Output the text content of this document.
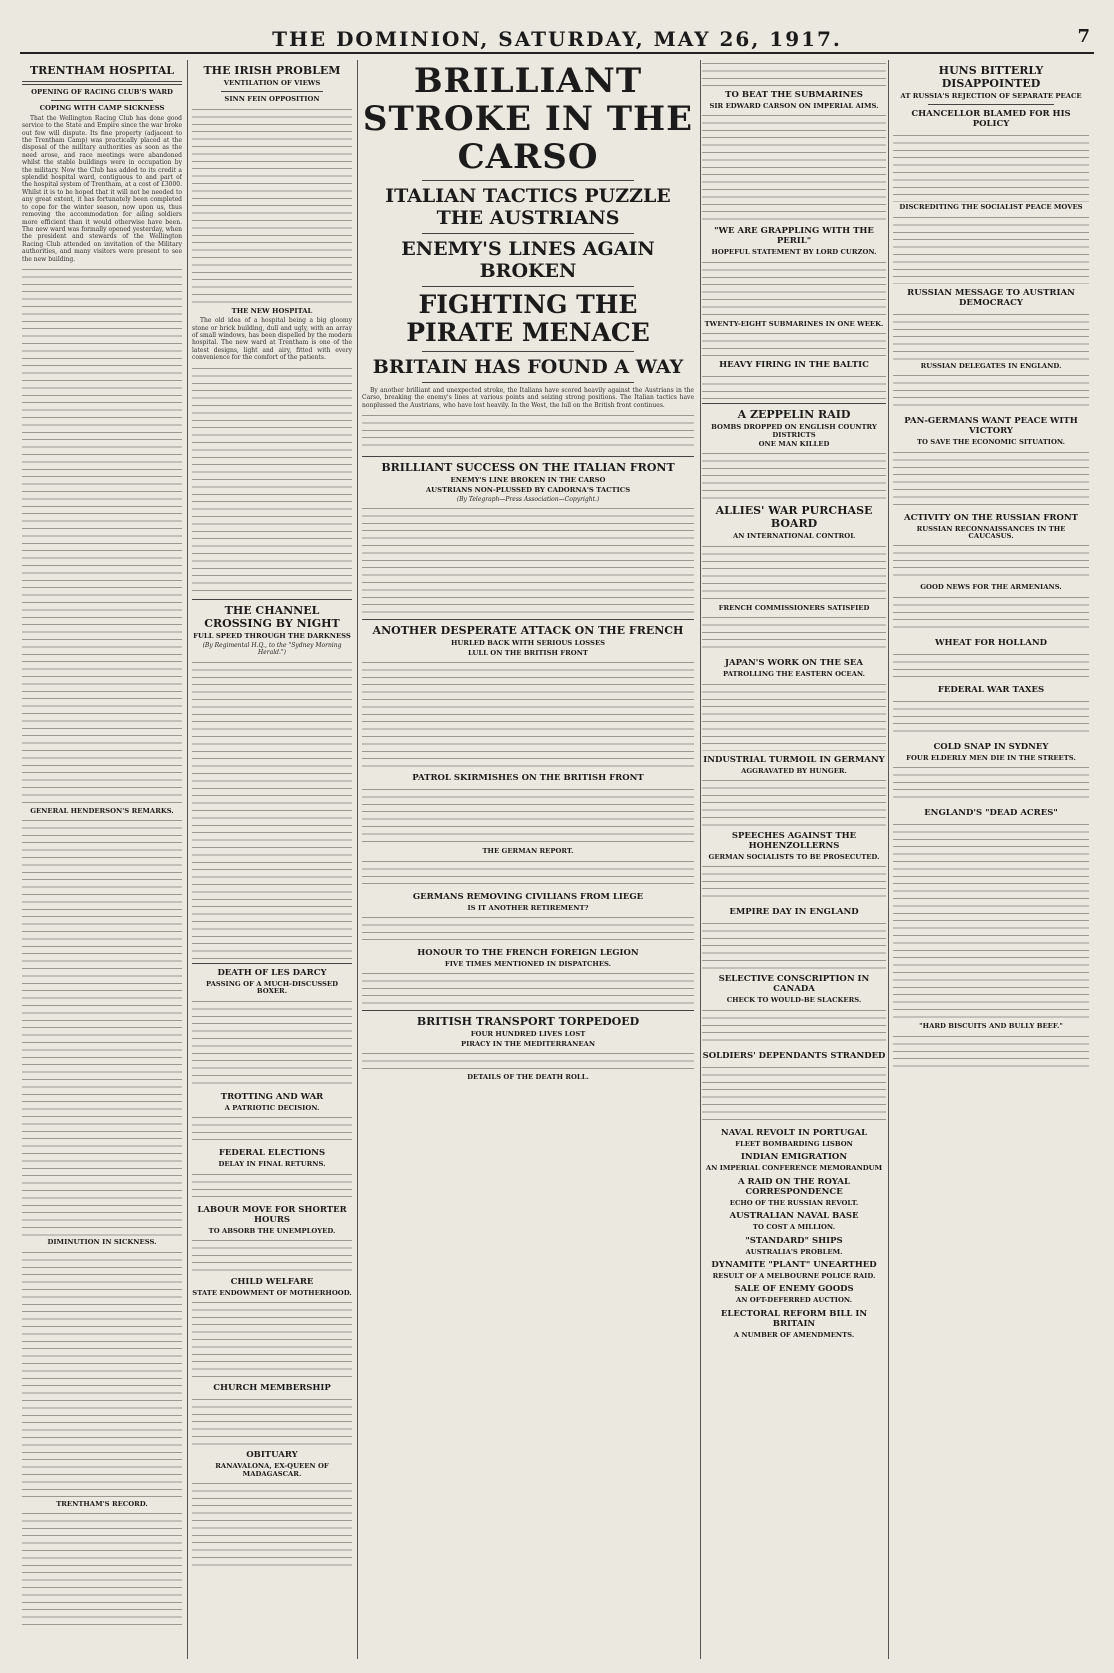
THE DOMINION, SATURDAY, MAY 26, 1917.	7
TRENTHAM HOSPITAL
OPENING OF RACING CLUB'S WARD
COPING WITH CAMP SICKNESS

That the Wellington Racing Club has done good service to the State and Empire since the war broke out few will dispute. Its fine property (adjacent to the Trentham Camp) was practically placed at the disposal of the military authorities as soon as the need arose, and race meetings were abandoned whilst the stable buildings were in occupation by the military. Now the Club has added to its credit a splendid hospital ward, contiguous to and part of the hospital system of Trentham, at a cost of £3000. Whilst it is to be hoped that it will not be needed to any great extent, it has fortunately been completed to cope for the winter season, now upon us, thus removing the accommodation for ailing soldiers more efficient than it would otherwise have been. The new ward was formally opened yesterday, when the president and stewards of the Wellington Racing Club attended on invitation of the Military authorities, and many visitors were present to see the new building.

GENERAL HENDERSON'S REMARKS.
DIMINUTION IN SICKNESS.
TRENTHAM'S RECORD.
THE IRISH PROBLEM
VENTILATION OF VIEWS
SINN FEIN OPPOSITION
THE NEW HOSPITAL

The old idea of a hospital being a big gloomy stone or brick building, dull and ugly, with an array of small windows, has been dispelled by the modern hospital. The new ward at Trentham is one of the latest designs, light and airy, fitted with every convenience for the comfort of the patients.

THE CHANNEL CROSSING BY NIGHT
FULL SPEED THROUGH THE DARKNESS
(By Regimental H.Q., to the "Sydney Morning Herald.")
DEATH OF LES DARCY
PASSING OF A MUCH-DISCUSSED BOXER.
TROTTING AND WAR
A PATRIOTIC DECISION.
FEDERAL ELECTIONS
DELAY IN FINAL RETURNS.
LABOUR MOVE FOR SHORTER HOURS
TO ABSORB THE UNEMPLOYED.
CHILD WELFARE
STATE ENDOWMENT OF MOTHERHOOD.
CHURCH MEMBERSHIP
OBITUARY
RANAVALONA, EX-QUEEN OF MADAGASCAR.
BRILLIANT STROKE IN THE CARSO
ITALIAN TACTICS PUZZLE THE AUSTRIANS
ENEMY'S LINES AGAIN BROKEN
FIGHTING THE PIRATE MENACE
BRITAIN HAS FOUND A WAY

By another brilliant and unexpected stroke, the Italians have scored heavily against the Austrians in the Carso, breaking the enemy's lines at various points and seizing strong positions. The Italian tactics have nonplussed the Austrians, who have lost heavily. In the West, the lull on the British front continues.

BRILLIANT SUCCESS ON THE ITALIAN FRONT
ENEMY'S LINE BROKEN IN THE CARSO
AUSTRIANS NON-PLUSSED BY CADORNA'S TACTICS
(By Telegraph—Press Association—Copyright.)
ANOTHER DESPERATE ATTACK ON THE FRENCH
HURLED BACK WITH SERIOUS LOSSES
LULL ON THE BRITISH FRONT
PATROL SKIRMISHES ON THE BRITISH FRONT
THE GERMAN REPORT.
GERMANS REMOVING CIVILIANS FROM LIEGE
IS IT ANOTHER RETIREMENT?
HONOUR TO THE FRENCH FOREIGN LEGION
FIVE TIMES MENTIONED IN DISPATCHES.
BRITISH TRANSPORT TORPEDOED
FOUR HUNDRED LIVES LOST
PIRACY IN THE MEDITERRANEAN
DETAILS OF THE DEATH ROLL.
TO BEAT THE SUBMARINES
SIR EDWARD CARSON ON IMPERIAL AIMS.
"WE ARE GRAPPLING WITH THE PERIL"
HOPEFUL STATEMENT BY LORD CURZON.
TWENTY-EIGHT SUBMARINES IN ONE WEEK.
HEAVY FIRING IN THE BALTIC
A ZEPPELIN RAID
BOMBS DROPPED ON ENGLISH COUNTRY DISTRICTS
ONE MAN KILLED
ALLIES' WAR PURCHASE BOARD
AN INTERNATIONAL CONTROL
FRENCH COMMISSIONERS SATISFIED
JAPAN'S WORK ON THE SEA
PATROLLING THE EASTERN OCEAN.
INDUSTRIAL TURMOIL IN GERMANY
AGGRAVATED BY HUNGER.
SPEECHES AGAINST THE HOHENZOLLERNS
GERMAN SOCIALISTS TO BE PROSECUTED.
EMPIRE DAY IN ENGLAND
SELECTIVE CONSCRIPTION IN CANADA
CHECK TO WOULD-BE SLACKERS.
SOLDIERS' DEPENDANTS STRANDED
NAVAL REVOLT IN PORTUGAL
FLEET BOMBARDING LISBON
INDIAN EMIGRATION
AN IMPERIAL CONFERENCE MEMORANDUM
A RAID ON THE ROYAL CORRESPONDENCE
ECHO OF THE RUSSIAN REVOLT.
AUSTRALIAN NAVAL BASE
TO COST A MILLION.
"STANDARD" SHIPS
AUSTRALIA'S PROBLEM.
DYNAMITE "PLANT" UNEARTHED
RESULT OF A MELBOURNE POLICE RAID.
SALE OF ENEMY GOODS
AN OFT-DEFERRED AUCTION.
ELECTORAL REFORM BILL IN BRITAIN
A NUMBER OF AMENDMENTS.
HUNS BITTERLY DISAPPOINTED
AT RUSSIA'S REJECTION OF SEPARATE PEACE
CHANCELLOR BLAMED FOR HIS POLICY
DISCREDITING THE SOCIALIST PEACE MOVES
RUSSIAN MESSAGE TO AUSTRIAN DEMOCRACY
RUSSIAN DELEGATES IN ENGLAND.
PAN-GERMANS WANT PEACE WITH VICTORY
TO SAVE THE ECONOMIC SITUATION.
ACTIVITY ON THE RUSSIAN FRONT
RUSSIAN RECONNAISSANCES IN THE CAUCASUS.
GOOD NEWS FOR THE ARMENIANS.
WHEAT FOR HOLLAND
FEDERAL WAR TAXES
COLD SNAP IN SYDNEY
FOUR ELDERLY MEN DIE IN THE STREETS.
ENGLAND'S "DEAD ACRES"
"HARD BISCUITS AND BULLY BEEF."
